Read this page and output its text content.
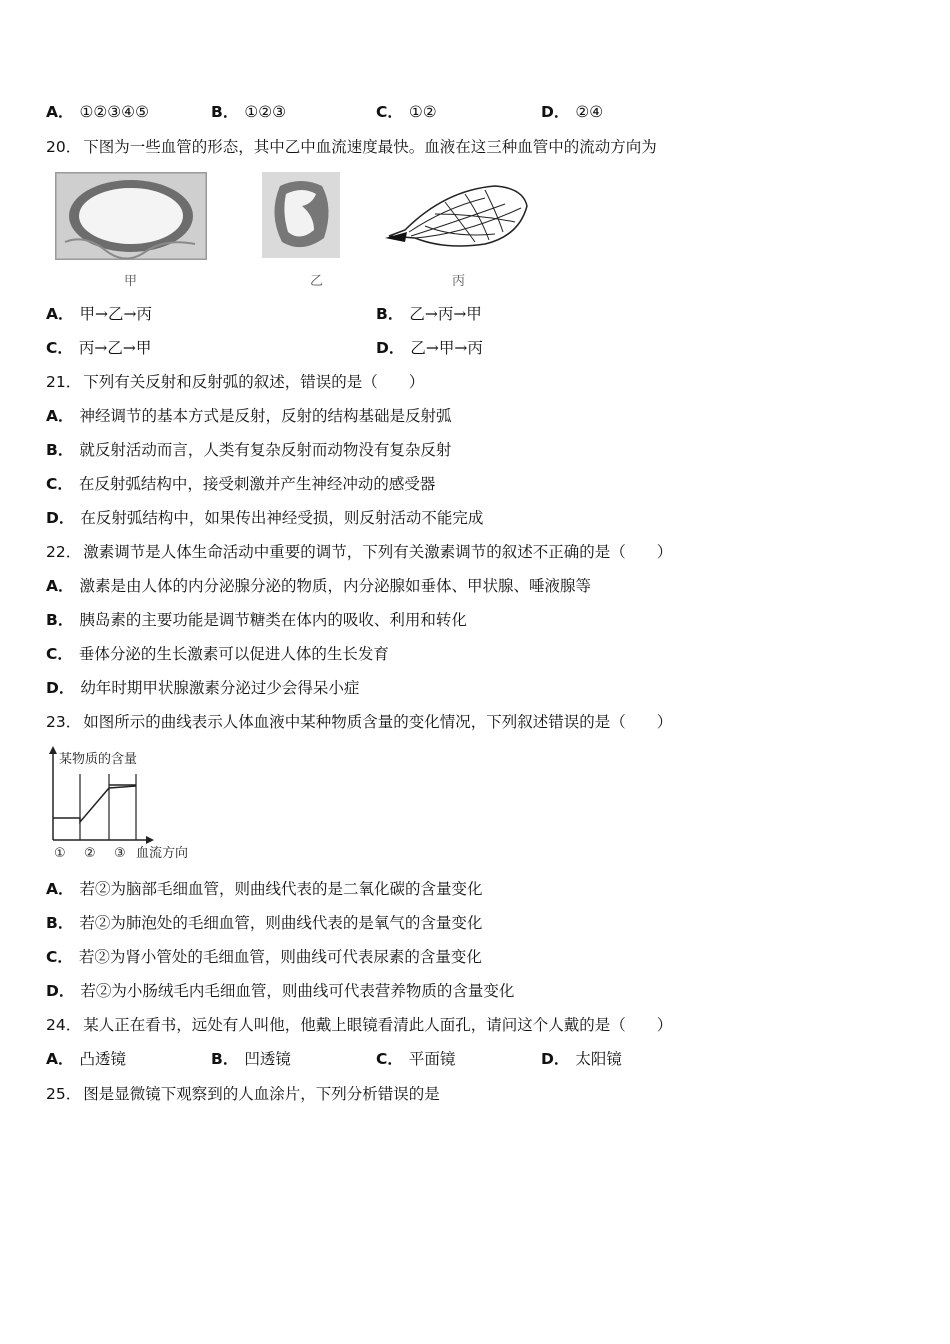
A． ①②③④⑤	B． ①②③	C． ①②	D． ②④
20． 下图为一些血管的形态，其中乙中血流速度最快。血液在这三种血管中的流动方向为
甲	乙	丙
A． 甲→乙→丙	B． 乙→丙→甲
C． 丙→乙→甲	D． 乙→甲→丙
21． 下列有关反射和反射弧的叙述，错误的是（　　）
A． 神经调节的基本方式是反射，反射的结构基础是反射弧
B． 就反射活动而言，人类有复杂反射而动物没有复杂反射
C． 在反射弧结构中，接受刺激并产生神经冲动的感受器
D． 在反射弧结构中，如果传出神经受损，则反射活动不能完成
22． 激素调节是人体生命活动中重要的调节，下列有关激素调节的叙述不正确的是（　　）
A． 激素是由人体的内分泌腺分泌的物质，内分泌腺如垂体、甲状腺、唾液腺等
B． 胰岛素的主要功能是调节糖类在体内的吸收、利用和转化
C． 垂体分泌的生长激素可以促进人体的生长发育
D． 幼年时期甲状腺激素分泌过少会得呆小症
23． 如图所示的曲线表示人体血液中某种物质含量的变化情况，下列叙述错误的是（　　）
某物质的含量
① ② ③ 血流方向
A． 若②为脑部毛细血管，则曲线代表的是二氧化碳的含量变化
B． 若②为肺泡处的毛细血管，则曲线代表的是氧气的含量变化
C． 若②为肾小管处的毛细血管，则曲线可代表尿素的含量变化
D． 若②为小肠绒毛内毛细血管，则曲线可代表营养物质的含量变化
24． 某人正在看书，远处有人叫他，他戴上眼镜看清此人面孔，请问这个人戴的是（　　）
A． 凸透镜	B． 凹透镜	C． 平面镜	D． 太阳镜
25． 图是显微镜下观察到的人血涂片，下列分析错误的是
